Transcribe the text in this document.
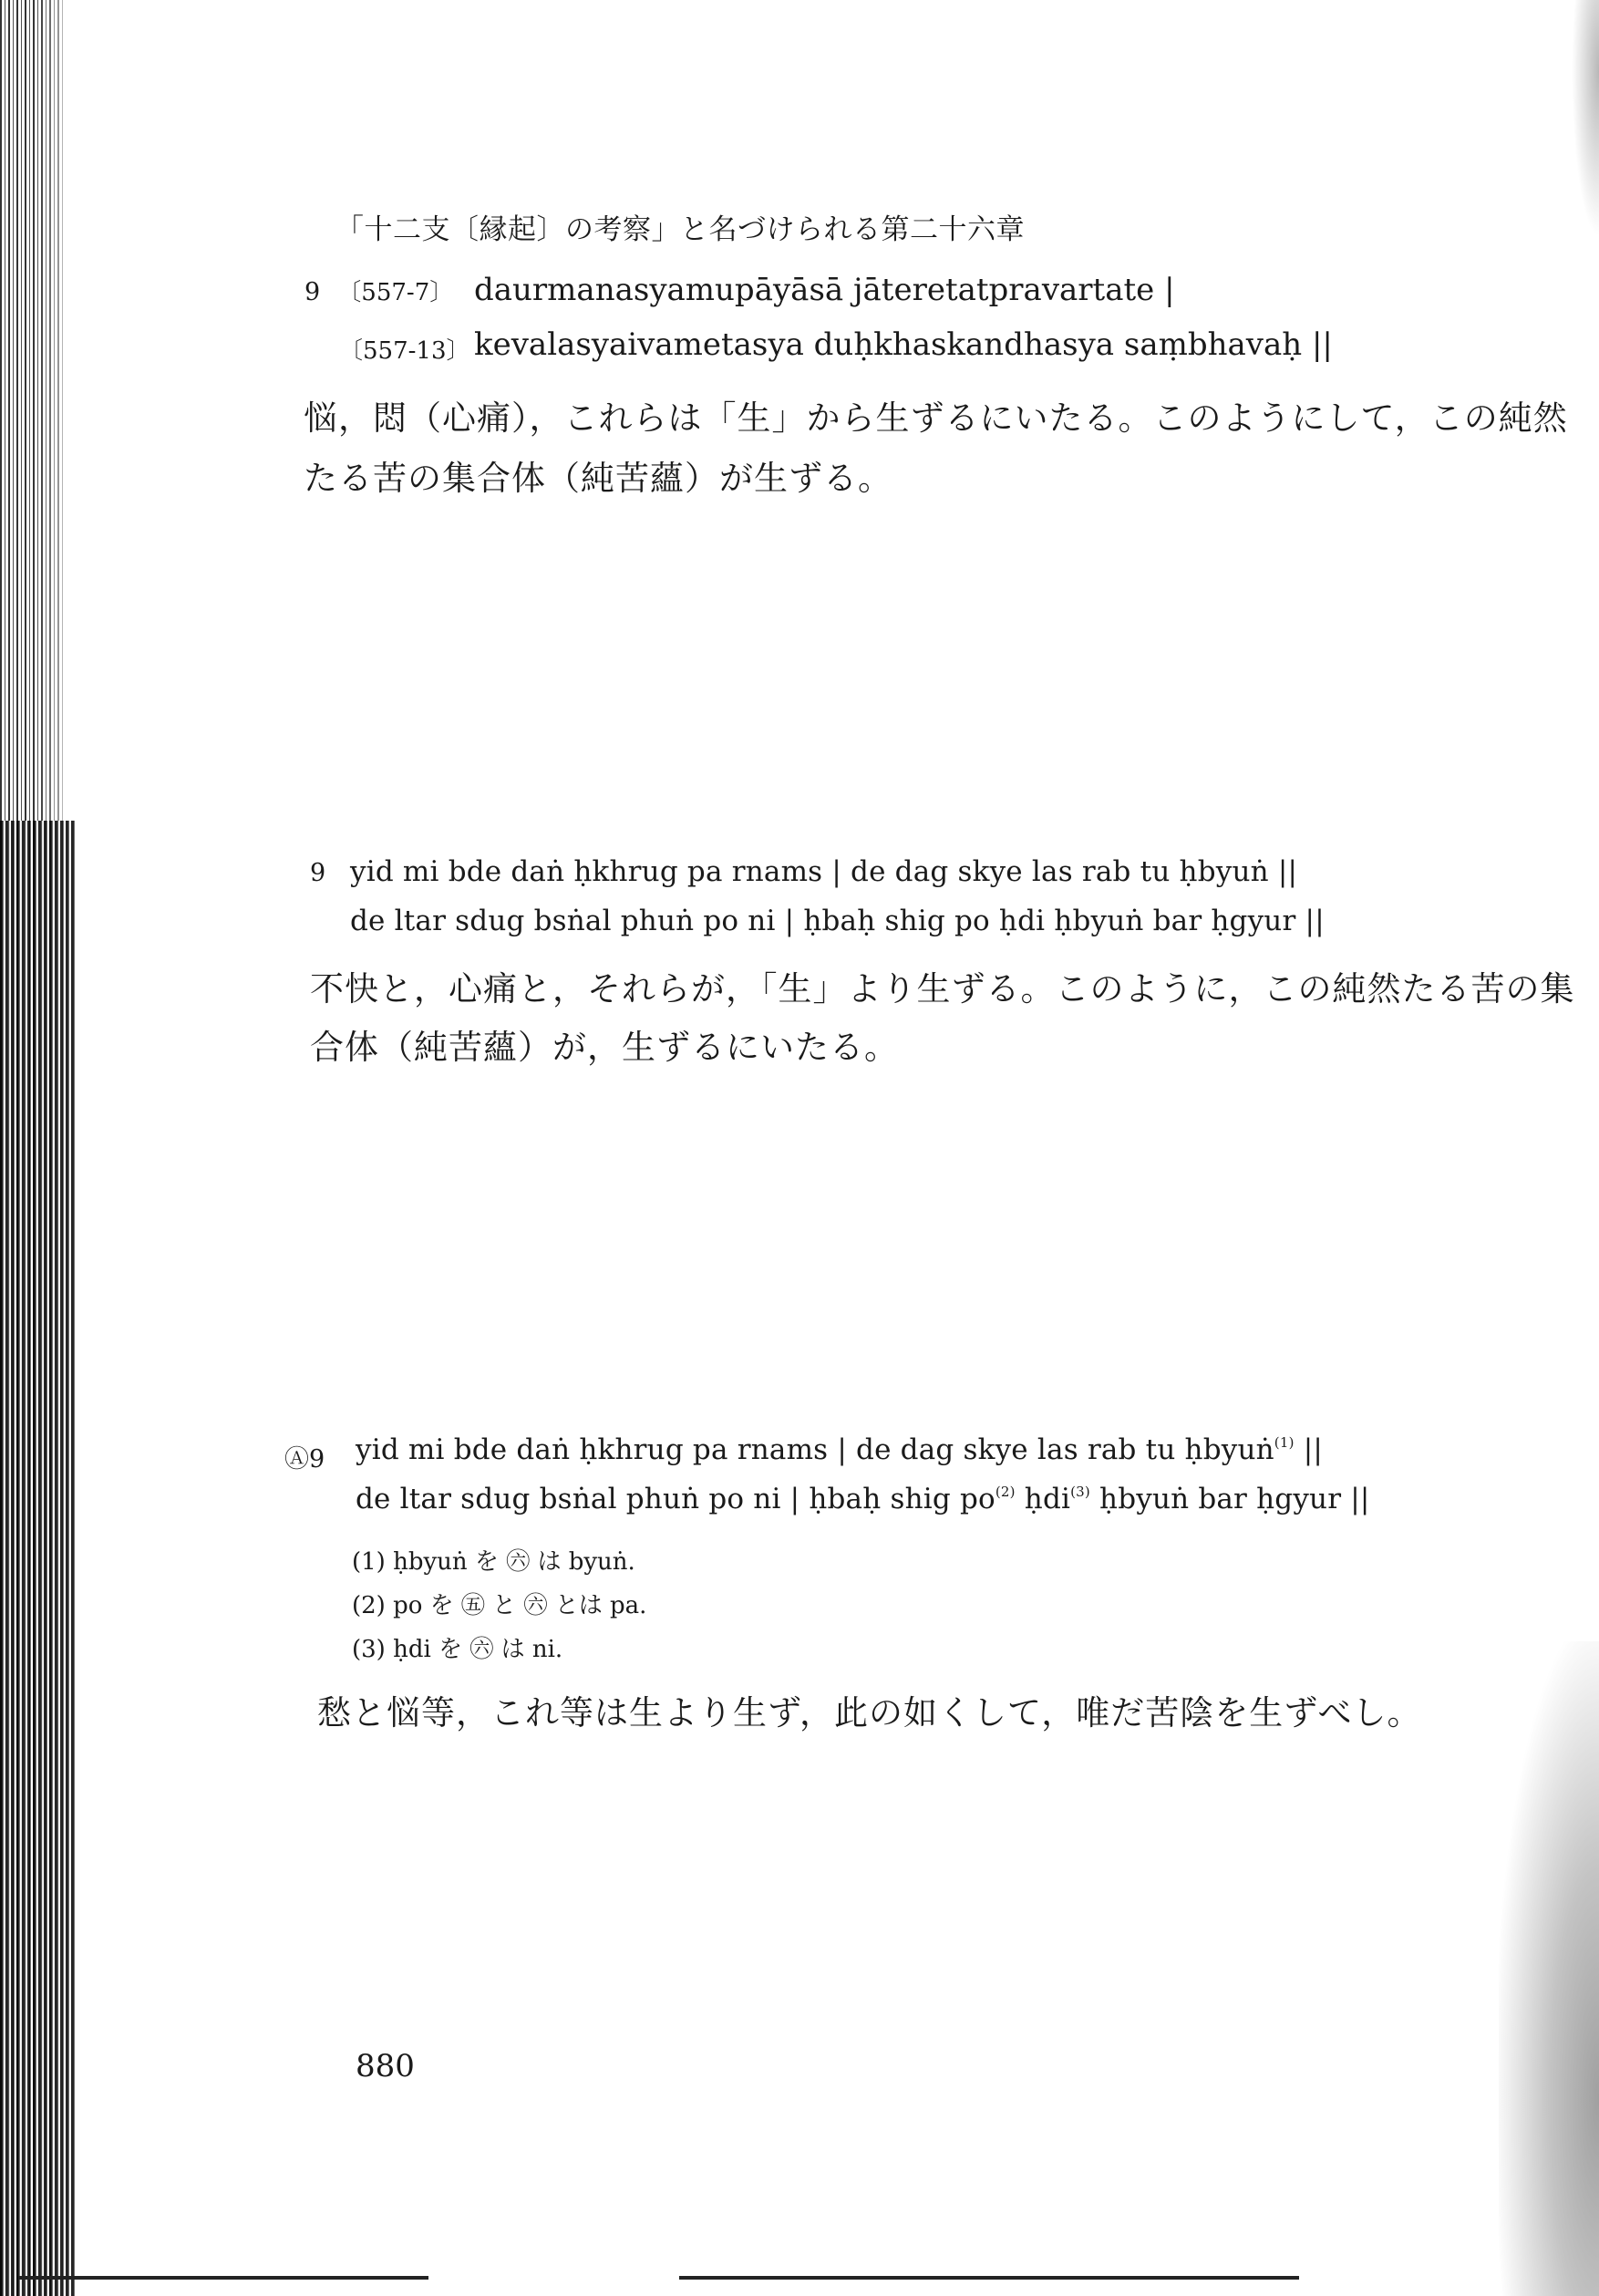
「十二支〔縁起〕の考察」と名づけられる第二十六章
9 〔557-7〕 daurmanasyamupāyāsā jāteretatpravartate |
〔557-13〕 kevalasyaivametasya duḥkhaskandhasya saṃbhavaḥ ||
悩，悶（心痛），これらは「生」から生ずるにいたる。このようにして，この純然
たる苦の集合体（純苦蘊）が生ずる。
9 yid mi bde daṅ ḥkhrug pa rnams | de dag skye las rab tu ḥbyuṅ ||
de ltar sdug bsṅal phuṅ po ni | ḥbaḥ shig po ḥdi ḥbyuṅ bar ḥgyur ||
不快と，心痛と，それらが，「生」より生ずる。このように，この純然たる苦の集
合体（純苦蘊）が，生ずるにいたる。
Ⓐ9 yid mi bde daṅ ḥkhrug pa rnams | de dag skye las rab tu ḥbyuṅ$^{(1)}$ ||
de ltar sdug bsṅal phuṅ po ni | ḥbaḥ shig $po^{(2)}$ ḥdi$^{(3)}$ ḥbyuṅ bar ḥgyur ||
(1) ḥbyuṅ を ㊅ は byuṅ.
(2) po を ㊄ と ㊅ とは pa.
(3) ḥdi を ㊅ は ni.
愁と悩等，これ等は生より生ず，此の如くして，唯だ苦陰を生ずべし。
880
